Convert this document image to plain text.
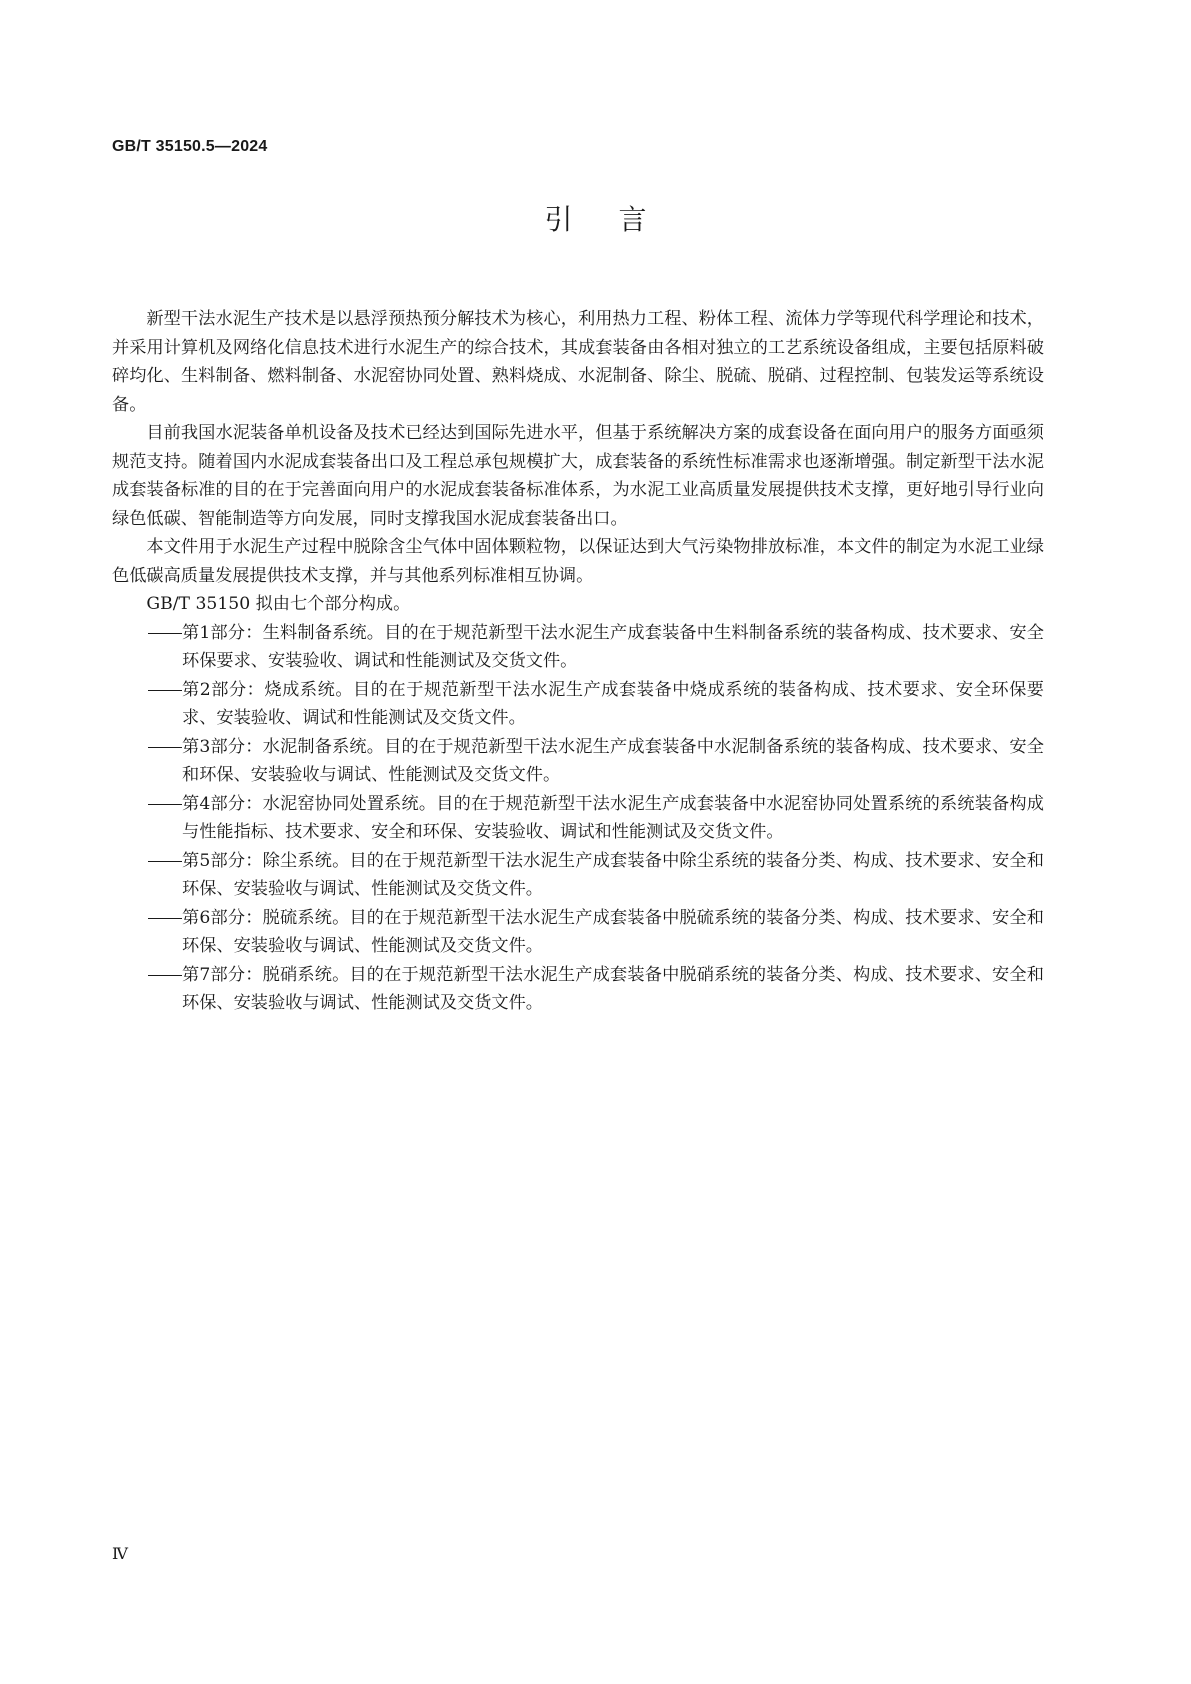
GB/T 35150.5—2024
引言

新型干法水泥生产技术是以悬浮预热预分解技术为核心，利用热力工程、粉体工程、流体力学等现代科学理论和技术，并采用计算机及网络化信息技术进行水泥生产的综合技术，其成套装备由各相对独立的工艺系统设备组成，主要包括原料破碎均化、生料制备、燃料制备、水泥窑协同处置、熟料烧成、水泥制备、除尘、脱硫、脱硝、过程控制、包装发运等系统设备。

目前我国水泥装备单机设备及技术已经达到国际先进水平，但基于系统解决方案的成套设备在面向用户的服务方面亟须规范支持。随着国内水泥成套装备出口及工程总承包规模扩大，成套装备的系统性标准需求也逐渐增强。制定新型干法水泥成套装备标准的目的在于完善面向用户的水泥成套装备标准体系，为水泥工业高质量发展提供技术支撑，更好地引导行业向绿色低碳、智能制造等方向发展，同时支撑我国水泥成套装备出口。

本文件用于水泥生产过程中脱除含尘气体中固体颗粒物，以保证达到大气污染物排放标准，本文件的制定为水泥工业绿色低碳高质量发展提供技术支撑，并与其他系列标准相互协调。

GB/T 35150 拟由七个部分构成。

第1部分：生料制备系统。目的在于规范新型干法水泥生产成套装备中生料制备系统的装备构成、技术要求、安全环保要求、安装验收、调试和性能测试及交货文件。
第2部分：烧成系统。目的在于规范新型干法水泥生产成套装备中烧成系统的装备构成、技术要求、安全环保要求、安装验收、调试和性能测试及交货文件。
第3部分：水泥制备系统。目的在于规范新型干法水泥生产成套装备中水泥制备系统的装备构成、技术要求、安全和环保、安装验收与调试、性能测试及交货文件。
第4部分：水泥窑协同处置系统。目的在于规范新型干法水泥生产成套装备中水泥窑协同处置系统的系统装备构成与性能指标、技术要求、安全和环保、安装验收、调试和性能测试及交货文件。
第5部分：除尘系统。目的在于规范新型干法水泥生产成套装备中除尘系统的装备分类、构成、技术要求、安全和环保、安装验收与调试、性能测试及交货文件。
第6部分：脱硫系统。目的在于规范新型干法水泥生产成套装备中脱硫系统的装备分类、构成、技术要求、安全和环保、安装验收与调试、性能测试及交货文件。
第7部分：脱硝系统。目的在于规范新型干法水泥生产成套装备中脱硝系统的装备分类、构成、技术要求、安全和环保、安装验收与调试、性能测试及交货文件。
Ⅳ
